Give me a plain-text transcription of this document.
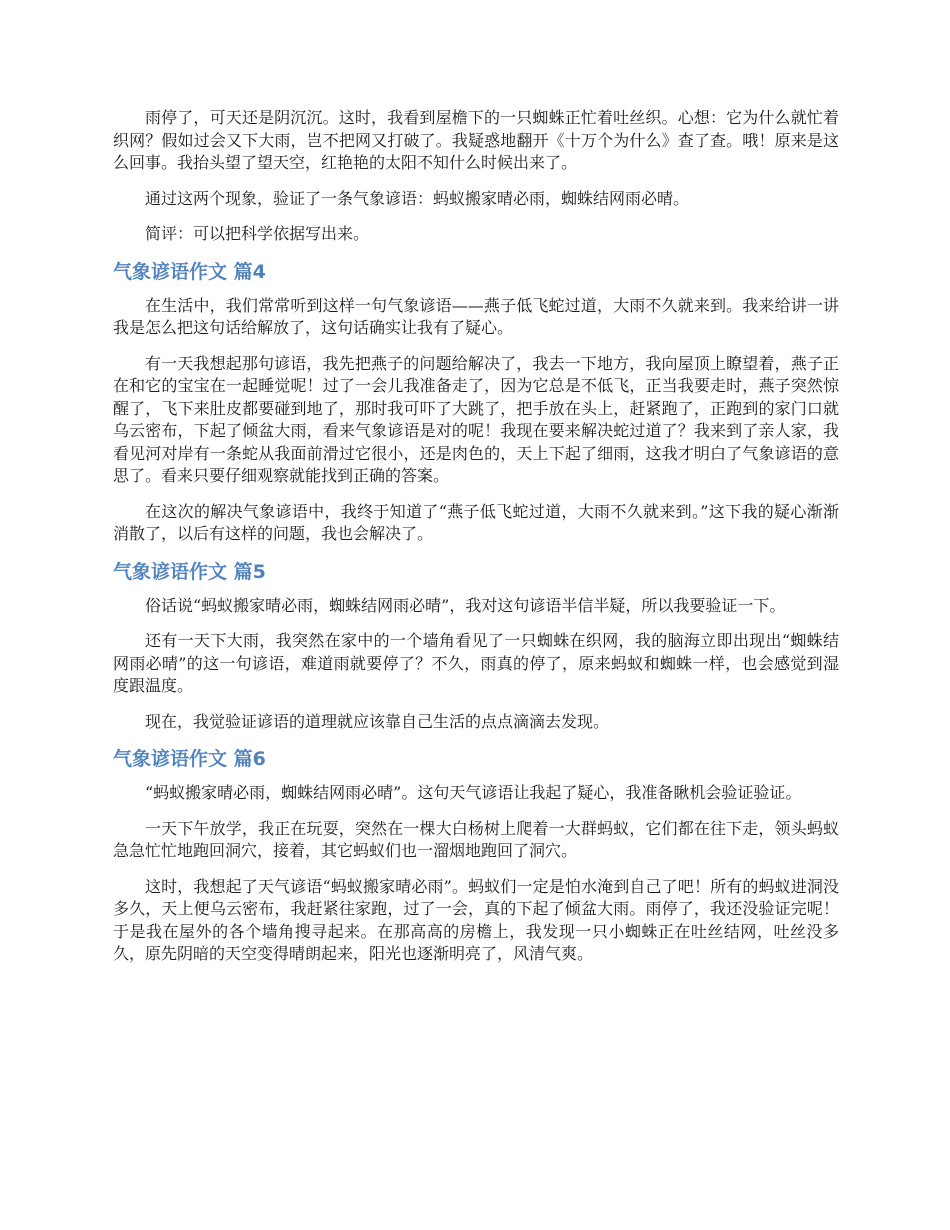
雨停了，可天还是阴沉沉。这时，我看到屋檐下的一只蜘蛛正忙着吐丝织。心想：它为什么就忙着织网？假如过会又下大雨，岂不把网又打破了。我疑惑地翻开《十万个为什么》查了查。哦！原来是这么回事。我抬头望了望天空，红艳艳的太阳不知什么时候出来了。

通过这两个现象，验证了一条气象谚语：蚂蚁搬家晴必雨，蜘蛛结网雨必晴。

简评：可以把科学依据写出来。

气象谚语作文 篇4

在生活中，我们常常听到这样一句气象谚语——燕子低飞蛇过道，大雨不久就来到。我来给讲一讲我是怎么把这句话给解放了，这句话确实让我有了疑心。

有一天我想起那句谚语，我先把燕子的问题给解决了，我去一下地方，我向屋顶上瞭望着，燕子正在和它的宝宝在一起睡觉呢！过了一会儿我准备走了，因为它总是不低飞，正当我要走时，燕子突然惊醒了，飞下来肚皮都要碰到地了，那时我可吓了大跳了，把手放在头上，赶紧跑了，正跑到的家门口就乌云密布，下起了倾盆大雨，看来气象谚语是对的呢！我现在要来解决蛇过道了？我来到了亲人家，我看见河对岸有一条蛇从我面前滑过它很小，还是肉色的，天上下起了细雨，这我才明白了气象谚语的意思了。看来只要仔细观察就能找到正确的答案。

在这次的解决气象谚语中，我终于知道了“燕子低飞蛇过道，大雨不久就来到。”这下我的疑心渐渐消散了，以后有这样的问题，我也会解决了。

气象谚语作文 篇5

俗话说“蚂蚁搬家晴必雨，蜘蛛结网雨必晴”，我对这句谚语半信半疑，所以我要验证一下。

还有一天下大雨，我突然在家中的一个墙角看见了一只蜘蛛在织网，我的脑海立即出现出“蜘蛛结网雨必晴”的这一句谚语，难道雨就要停了？不久，雨真的停了，原来蚂蚁和蜘蛛一样，也会感觉到湿度跟温度。

现在，我觉验证谚语的道理就应该靠自己生活的点点滴滴去发现。

气象谚语作文 篇6

“蚂蚁搬家晴必雨，蜘蛛结网雨必晴”。这句天气谚语让我起了疑心，我准备瞅机会验证验证。

一天下午放学，我正在玩耍，突然在一棵大白杨树上爬着一大群蚂蚁，它们都在往下走，领头蚂蚁急急忙忙地跑回洞穴，接着，其它蚂蚁们也一溜烟地跑回了洞穴。

这时，我想起了天气谚语“蚂蚁搬家晴必雨”。蚂蚁们一定是怕水淹到自己了吧！所有的蚂蚁进洞没多久，天上便乌云密布，我赶紧往家跑，过了一会，真的下起了倾盆大雨。雨停了，我还没验证完呢！于是我在屋外的各个墙角搜寻起来。在那高高的房檐上，我发现一只小蜘蛛正在吐丝结网，吐丝没多久，原先阴暗的天空变得晴朗起来，阳光也逐渐明亮了，风清气爽。
